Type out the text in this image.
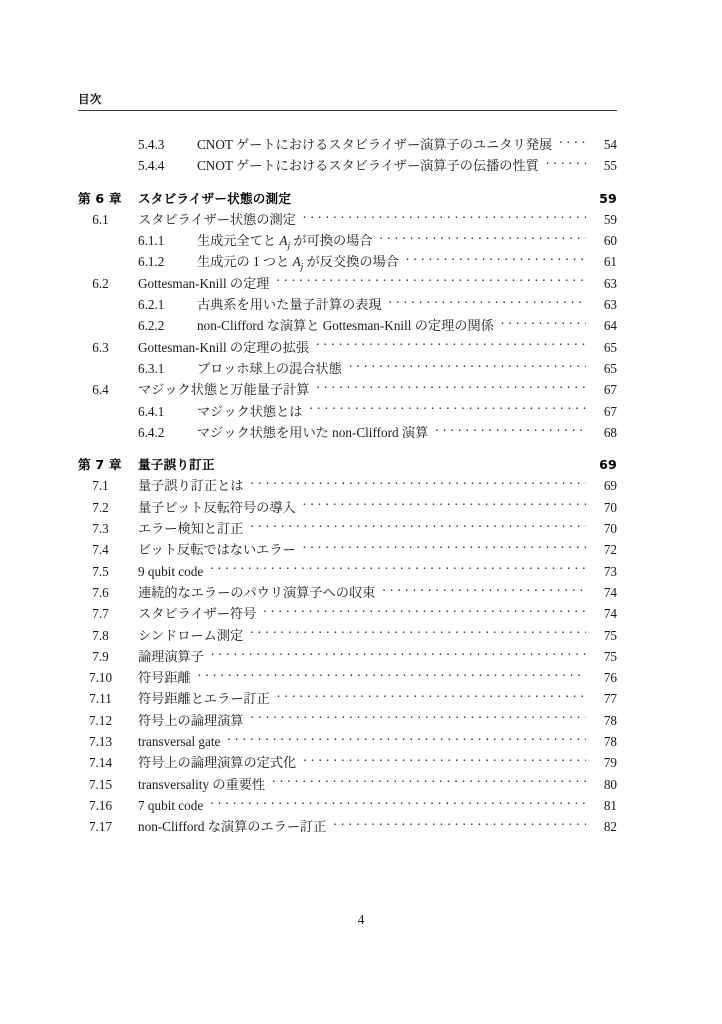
目次
5.4.3	CNOT ゲートにおけるスタビライザー演算子のユニタリ発展 . . .	54
5.4.4	CNOT ゲートにおけるスタビライザー演算子の伝播の性質 . . .	55
第 6 章	スタビライザー状態の測定	59
6.1	スタビライザー状態の測定 . . .	59
6.1.1	生成元全てと $A_j$ が可換の場合 . . .	60
6.1.2	生成元の 1 つと $A_j$ が反交換の場合 . . .	61
6.2	Gottesman-Knill の定理 . . .	63
6.2.1	古典系を用いた量子計算の表現 . . .	63
6.2.2	non-Clifford な演算と Gottesman-Knill の定理の関係 . . .	64
6.3	Gottesman-Knill の定理の拡張 . . .	65
6.3.1	ブロッホ球上の混合状態 . . .	65
6.4	マジック状態と万能量子計算 . . .	67
6.4.1	マジック状態とは . . .	67
6.4.2	マジック状態を用いた non-Clifford 演算 . . .	68
第 7 章	量子誤り訂正	69
7.1	量子誤り訂正とは . . .	69
7.2	量子ビット反転符号の導入 . . .	70
7.3	エラー検知と訂正 . . .	70
7.4	ビット反転ではないエラー . . .	72
7.5	9 qubit code . . .	73
7.6	連続的なエラーのパウリ演算子への収束 . . .	74
7.7	スタビライザー符号 . . .	74
7.8	シンドローム測定 . . .	75
7.9	論理演算子 . . .	75
7.10	符号距離 . . .	76
7.11	符号距離とエラー訂正 . . .	77
7.12	符号上の論理演算 . . .	78
7.13	transversal gate . . .	78
7.14	符号上の論理演算の定式化 . . .	79
7.15	transversality の重要性 . . .	80
7.16	7 qubit code . . .	81
7.17	non-Clifford な演算のエラー訂正 . . .	82
4
